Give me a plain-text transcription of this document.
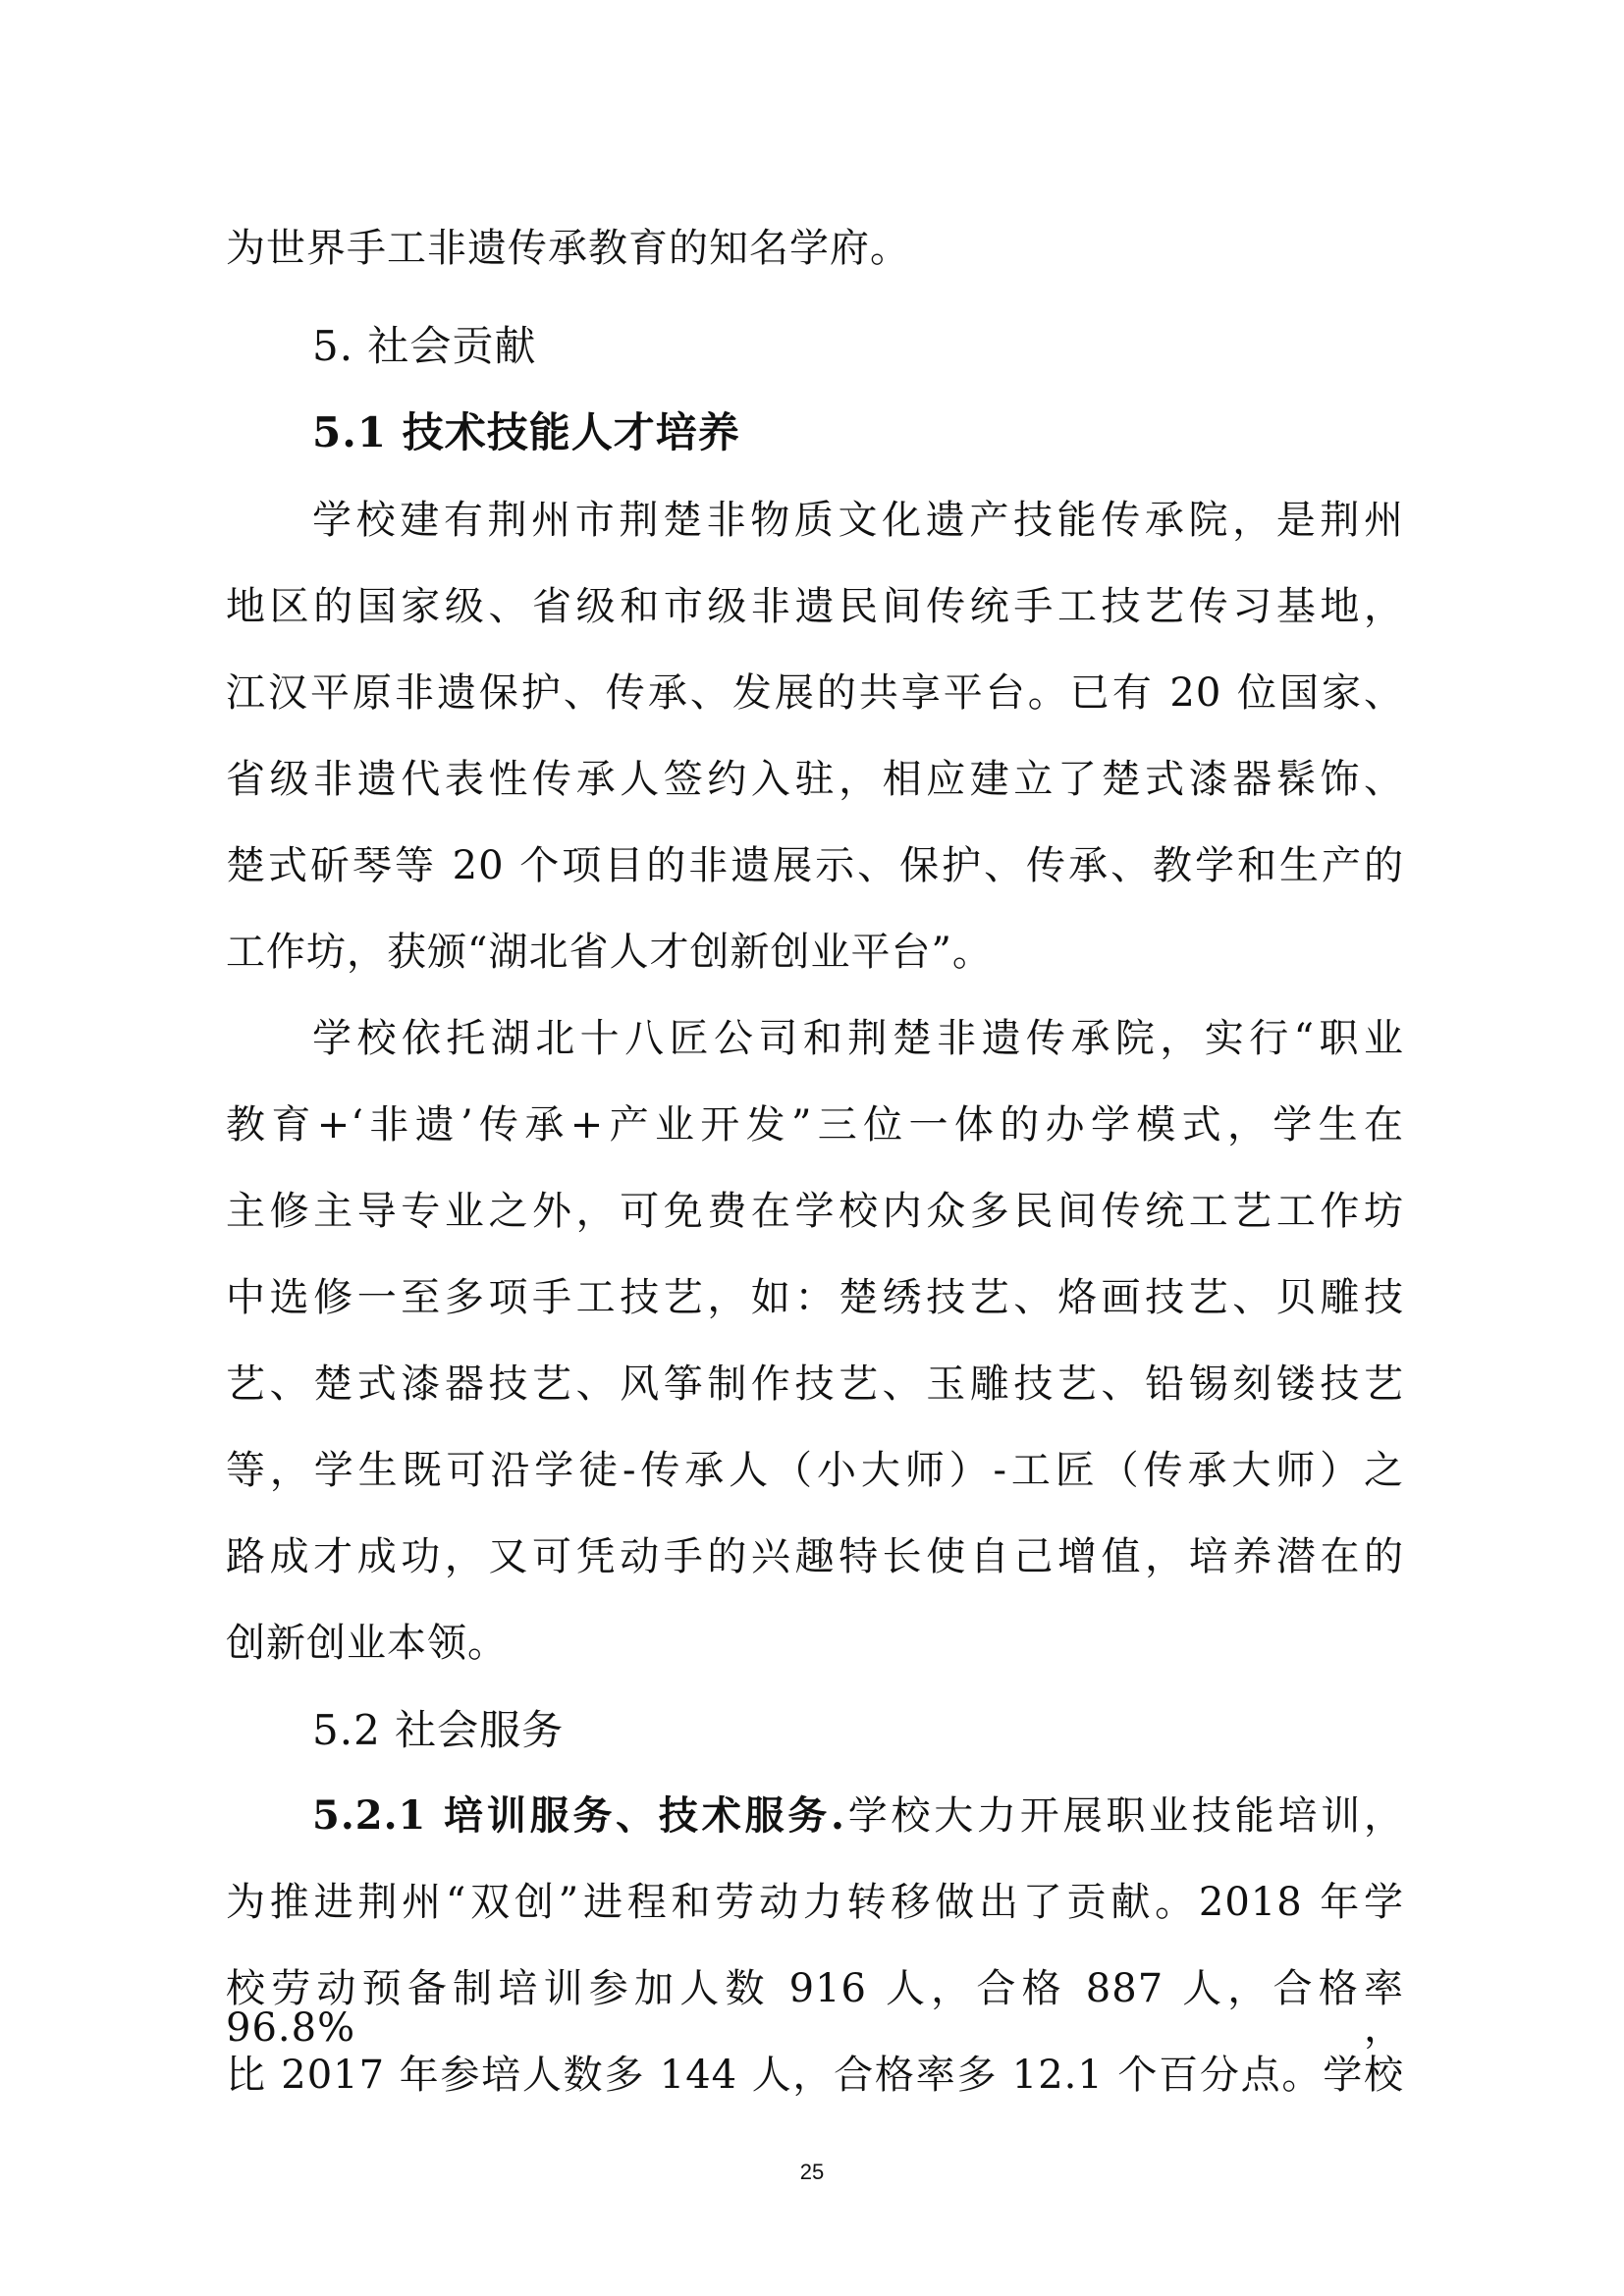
为世界手工非遗传承教育的知名学府。
5. 社会贡献
5.1 技术技能人才培养
学校建有荆州市荆楚非物质文化遗产技能传承院，是荆州
地区的国家级、省级和市级非遗民间传统手工技艺传习基地，
江汉平原非遗保护、传承、发展的共享平台。已有 20 位国家、
省级非遗代表性传承人签约入驻，相应建立了楚式漆器髹饰、
楚式斫琴等 20 个项目的非遗展示、保护、传承、教学和生产的
工作坊，获颁“湖北省人才创新创业平台”。
学校依托湖北十八匠公司和荆楚非遗传承院，实行“职业
教育+‘非遗’传承+产业开发”三位一体的办学模式，学生在
主修主导专业之外，可免费在学校内众多民间传统工艺工作坊
中选修一至多项手工技艺，如：楚绣技艺、烙画技艺、贝雕技
艺、楚式漆器技艺、风筝制作技艺、玉雕技艺、铅锡刻镂技艺
等，学生既可沿学徒-传承人（小大师）-工匠（传承大师）之
路成才成功，又可凭动手的兴趣特长使自己增值，培养潜在的
创新创业本领。
5.2 社会服务
5.2.1 培训服务、技术服务.学校大力开展职业技能培训，
为推进荆州“双创”进程和劳动力转移做出了贡献。2018 年学
校劳动预备制培训参加人数 916 人，合格 887 人，合格率 96.8%，
比 2017 年参培人数多 144 人，合格率多 12.1 个百分点。学校
25
